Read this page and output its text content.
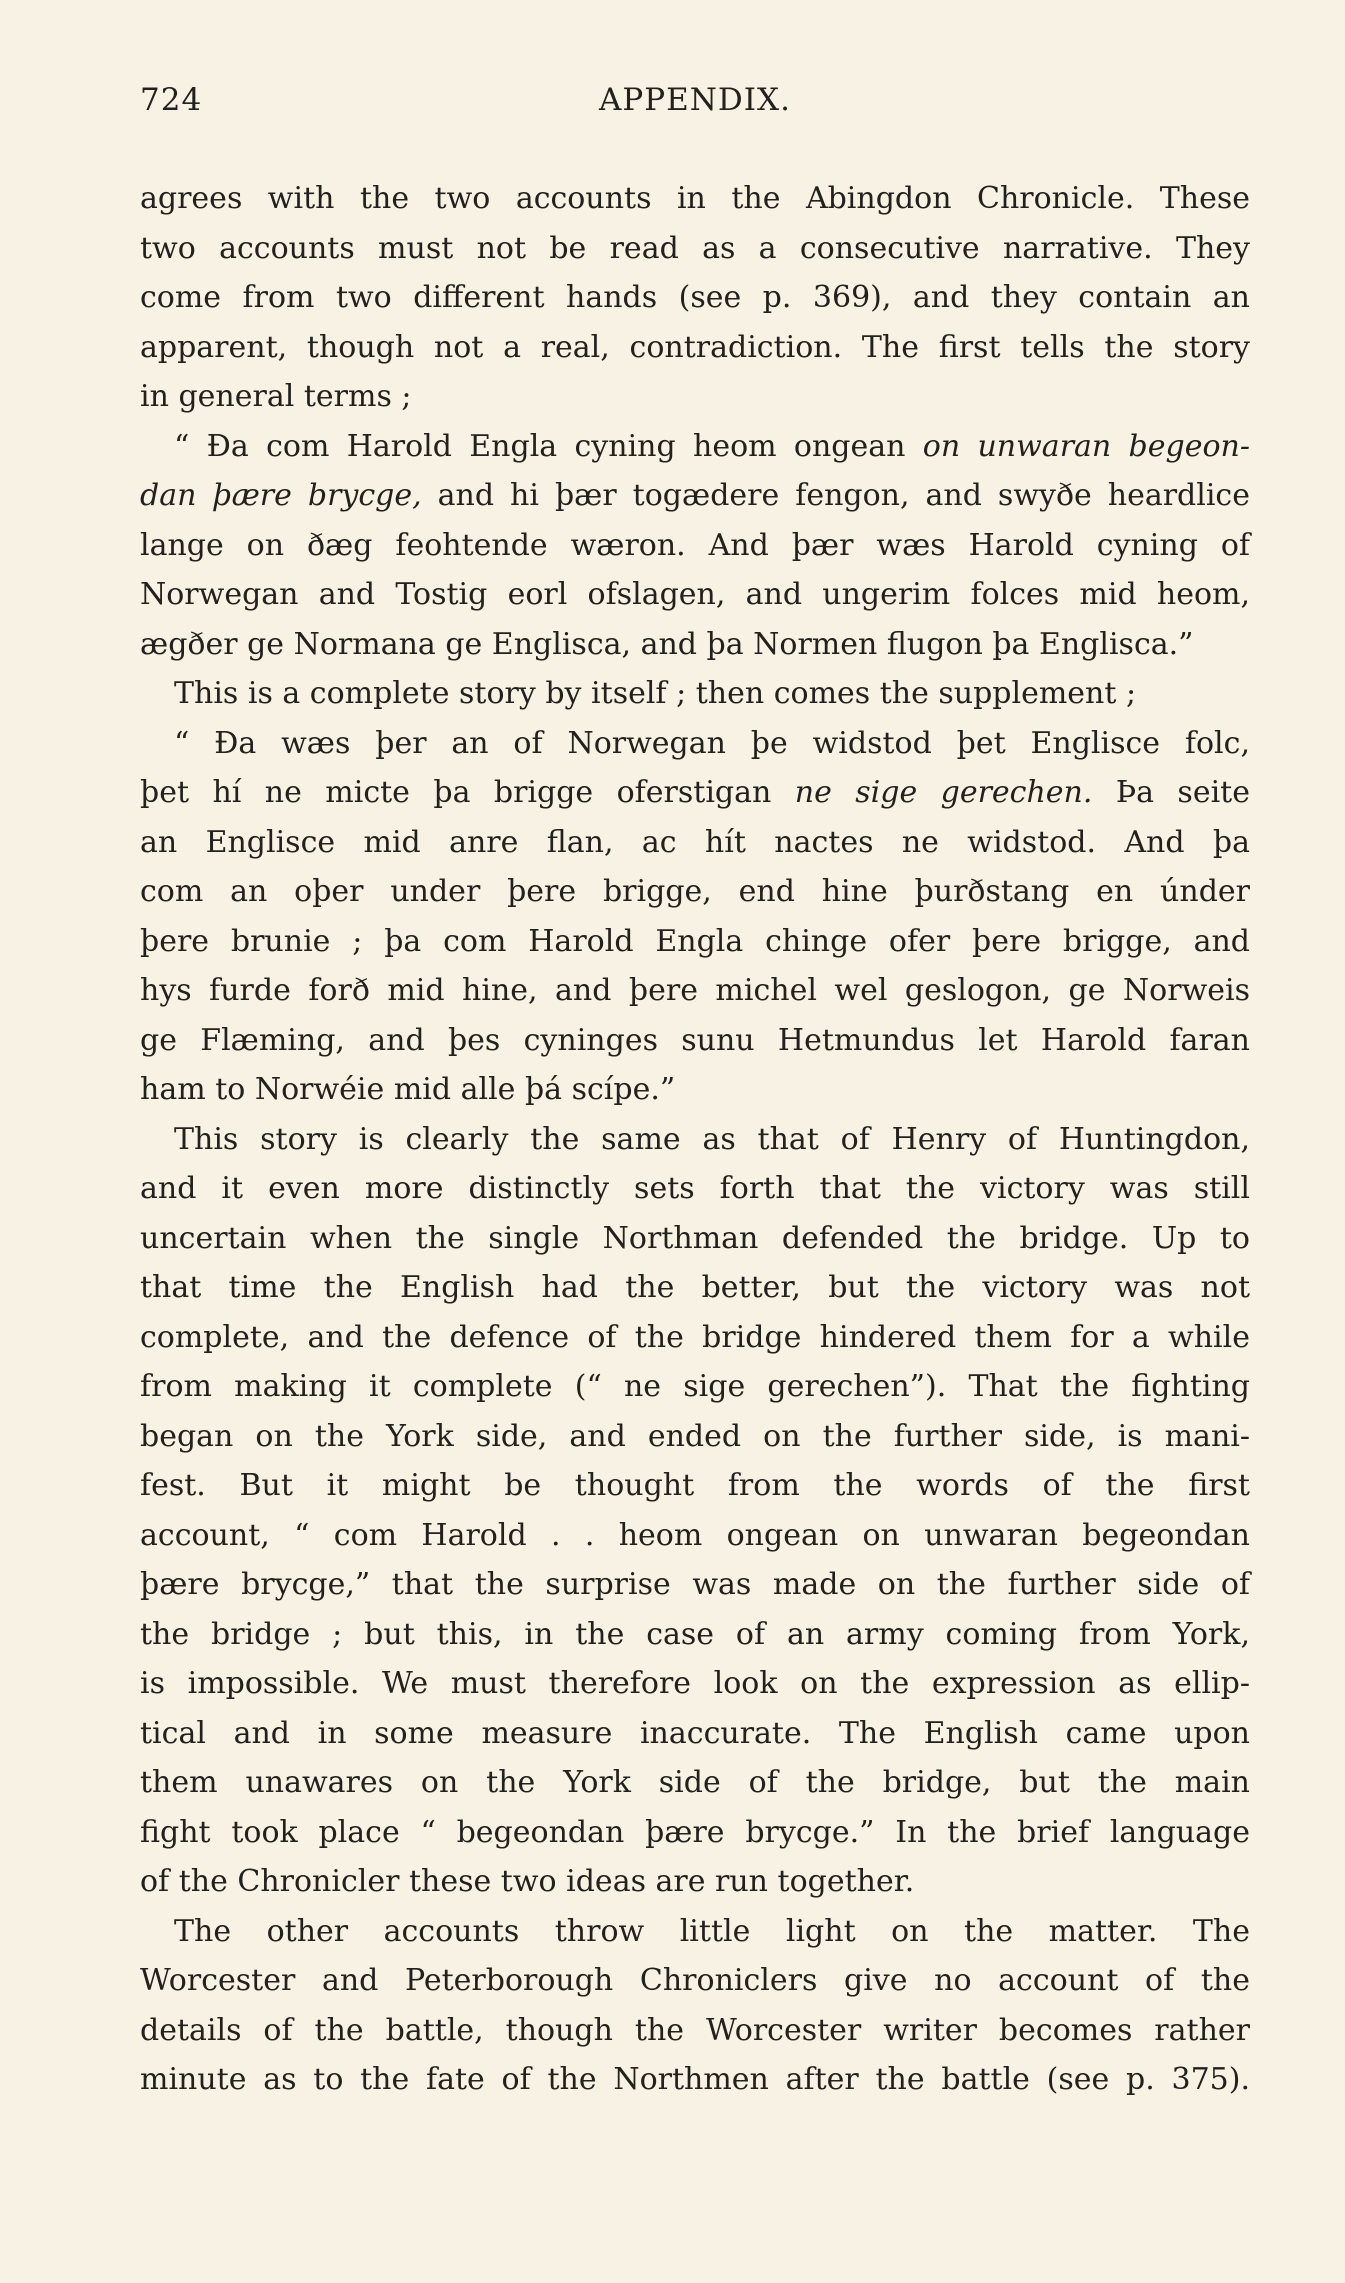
724	APPENDIX.
agrees with the two accounts in the Abingdon Chronicle. These
two accounts must not be read as a consecutive narrative. They
come from two different hands (see p. 369), and they contain an
apparent, though not a real, contradiction. The first tells the story
in general terms ;
“ Ða com Harold Engla cyning heom ongean on unwaran begeon-
dan þære brycge, and hi þær togædere fengon, and swyðe heardlice
lange on ðæg feohtende wæron. And þær wæs Harold cyning of
Norwegan and Tostig eorl ofslagen, and ungerim folces mid heom,
ægðer ge Normana ge Englisca, and þa Normen flugon þa Englisca.”
This is a complete story by itself ; then comes the supplement ;
“ Ða wæs þer an of Norwegan þe widstod þet Englisce folc,
þet hí ne micte þa brigge oferstigan ne sige gerechen. Þa seite
an Englisce mid anre flan, ac hít nactes ne widstod. And þa
com an oþer under þere brigge, end hine þurðstang en únder
þere brunie ; þa com Harold Engla chinge ofer þere brigge, and
hys furde forð mid hine, and þere michel wel geslogon, ge Norweis
ge Flæming, and þes cyninges sunu Hetmundus let Harold faran
ham to Norwéie mid alle þá scípe.”
This story is clearly the same as that of Henry of Huntingdon,
and it even more distinctly sets forth that the victory was still
uncertain when the single Northman defended the bridge. Up to
that time the English had the better, but the victory was not
complete, and the defence of the bridge hindered them for a while
from making it complete (“ ne sige gerechen”). That the fighting
began on the York side, and ended on the further side, is mani-
fest. But it might be thought from the words of the first
account, “ com Harold . . heom ongean on unwaran begeondan
þære brycge,” that the surprise was made on the further side of
the bridge ; but this, in the case of an army coming from York,
is impossible. We must therefore look on the expression as ellip-
tical and in some measure inaccurate. The English came upon
them unawares on the York side of the bridge, but the main
fight took place “ begeondan þære brycge.” In the brief language
of the Chronicler these two ideas are run together.
The other accounts throw little light on the matter. The
Worcester and Peterborough Chroniclers give no account of the
details of the battle, though the Worcester writer becomes rather
minute as to the fate of the Northmen after the battle (see p. 375).
